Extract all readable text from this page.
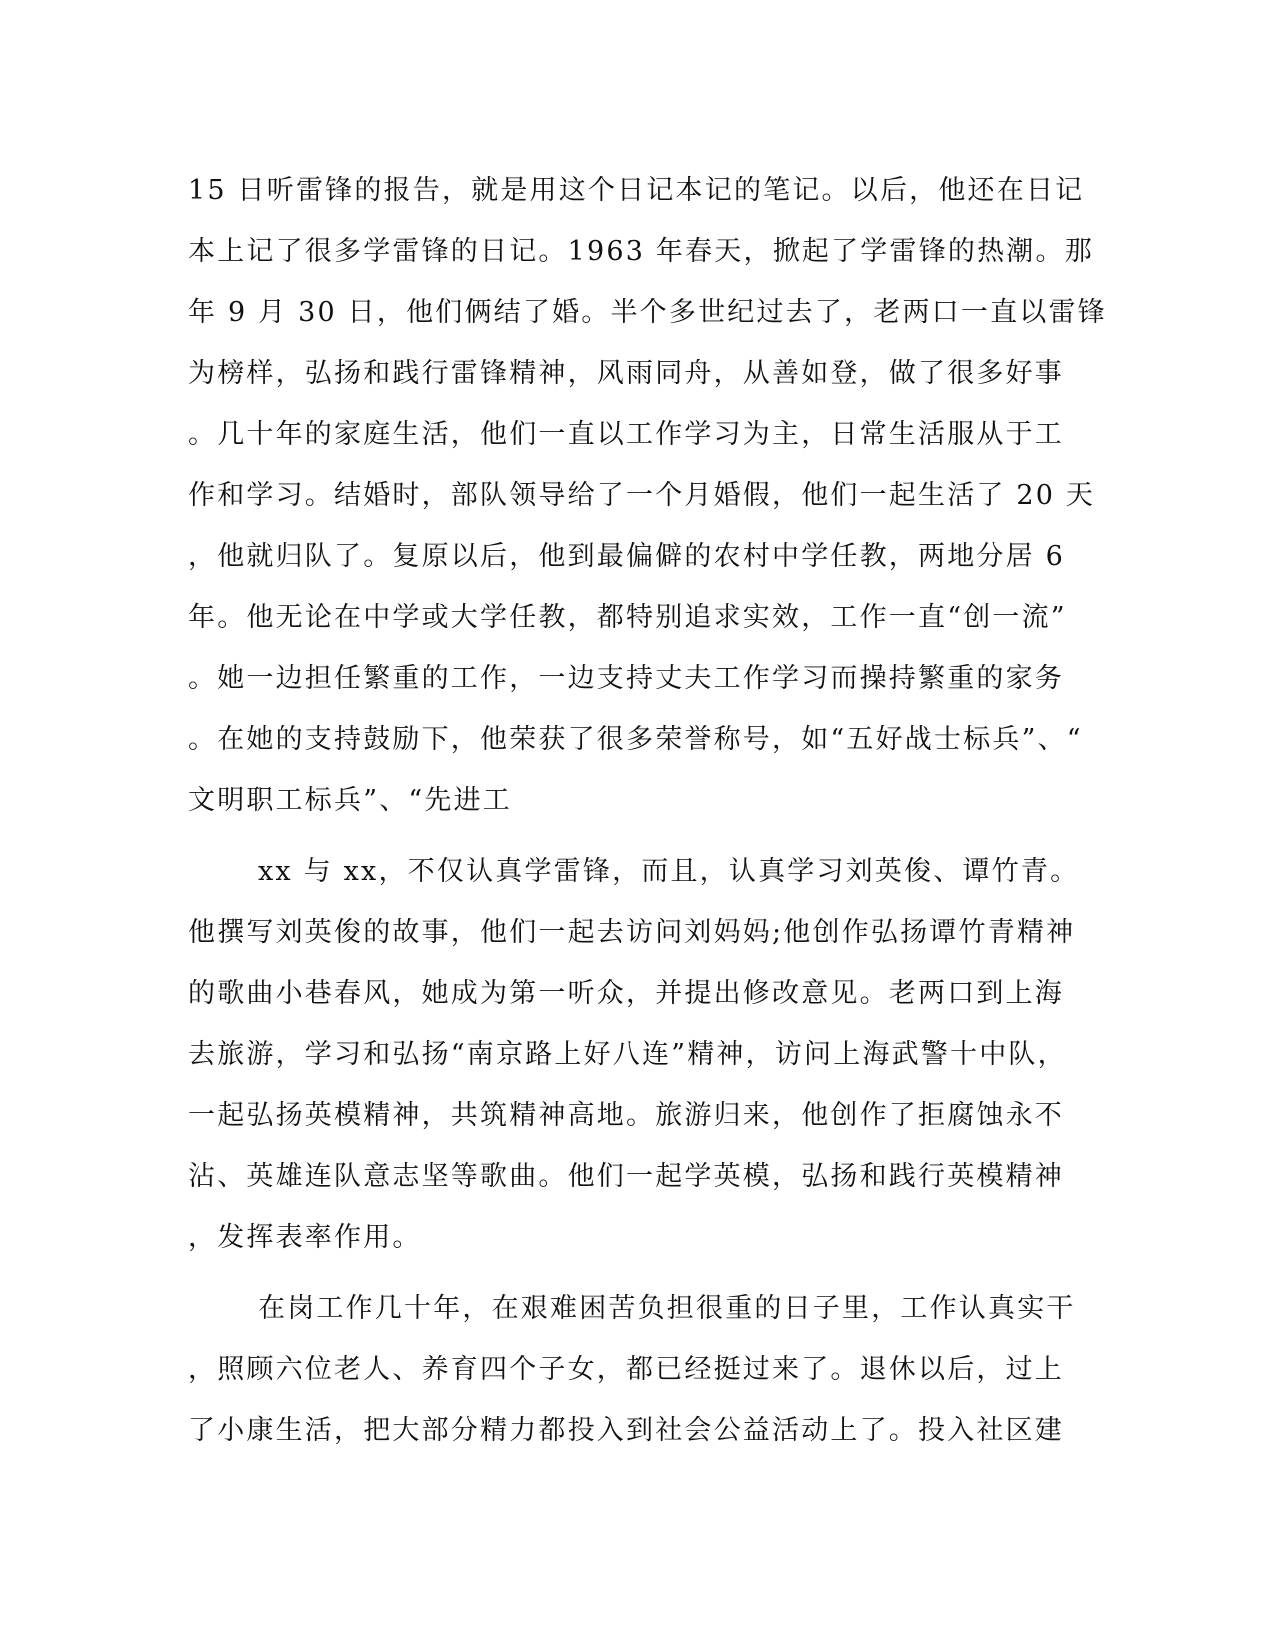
15 日听雷锋的报告，就是用这个日记本记的笔记。以后，他还在日记
本上记了很多学雷锋的日记。1963 年春天，掀起了学雷锋的热潮。那
年 9 月 30 日，他们俩结了婚。半个多世纪过去了，老两口一直以雷锋
为榜样，弘扬和践行雷锋精神，风雨同舟，从善如登，做了很多好事
。几十年的家庭生活，他们一直以工作学习为主，日常生活服从于工
作和学习。结婚时，部队领导给了一个月婚假，他们一起生活了 20 天
，他就归队了。复原以后，他到最偏僻的农村中学任教，两地分居 6
年。他无论在中学或大学任教，都特别追求实效，工作一直“创一流”
。她一边担任繁重的工作，一边支持丈夫工作学习而操持繁重的家务
。在她的支持鼓励下，他荣获了很多荣誉称号，如“五好战士标兵”、“
文明职工标兵”、“先进工
xx 与 xx，不仅认真学雷锋，而且，认真学习刘英俊、谭竹青。
他撰写刘英俊的故事，他们一起去访问刘妈妈;他创作弘扬谭竹青精神
的歌曲小巷春风，她成为第一听众，并提出修改意见。老两口到上海
去旅游，学习和弘扬“南京路上好八连”精神，访问上海武警十中队，
一起弘扬英模精神，共筑精神高地。旅游归来，他创作了拒腐蚀永不
沾、英雄连队意志坚等歌曲。他们一起学英模，弘扬和践行英模精神
，发挥表率作用。
在岗工作几十年，在艰难困苦负担很重的日子里，工作认真实干
，照顾六位老人、养育四个子女，都已经挺过来了。退休以后，过上
了小康生活，把大部分精力都投入到社会公益活动上了。投入社区建
